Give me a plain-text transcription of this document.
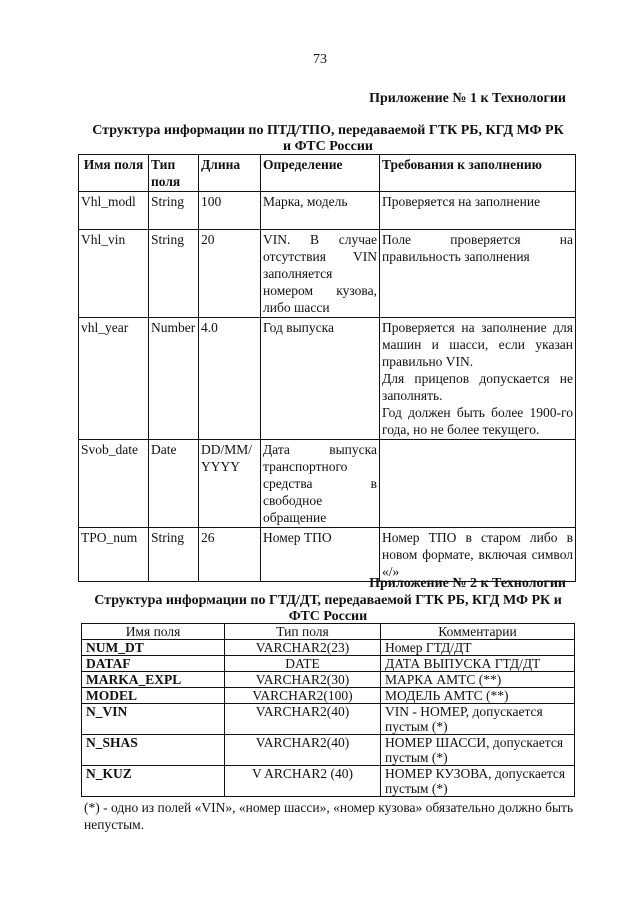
73
Приложение № 1 к Технологии
Структура информации по ПТД/ТПО, передаваемой ГТК РБ, КГД МФ РК
и ФТС России
Имя поля	Тип поля	Длина	Определение	Требования к заполнению
Vhl_modl	String	100	Марка, модель	Проверяется на заполнение
Vhl_vin	String	20	VIN. В случае отсутствия VIN заполняется номером кузова, либо шасси	Поле проверяется на правильность заполнения
vhl_year	Number	4.0	Год выпуска	Проверяется на заполнение для машин и шасси, если указан правильно VIN.
Для прицепов допускается не заполнять.
Год должен быть более 1900-го года, но не более текущего.
Svob_date	Date	DD/MM/YYYY	Дата выпуска транспортного средства в свободное обращение	
TPO_num	String	26	Номер ТПО	Номер ТПО в старом либо в новом формате, включая символ «/»
Приложение № 2 к Технологии
Структура информации по ГТД/ДТ, передаваемой ГТК РБ, КГД МФ РК и
ФТС России
Имя поля	Тип поля	Комментарии
NUM_DT	VARCHAR2(23)	Номер ГТД/ДТ
DATAF	DATE	ДАТА ВЫПУСКА ГТД/ДТ
MARKA_EXPL	VARCHAR2(30)	МАРКА АМТС (**)
MODEL	VARCHAR2(100)	МОДЕЛЬ АМТС (**)
N_VIN	VARCHAR2(40)	VIN - НОМЕР, допускается пустым (*)
N_SHAS	VARCHAR2(40)	НОМЕР ШАССИ, допускается пустым (*)
N_KUZ	V ARCHAR2 (40)	НОМЕР КУЗОВА, допускается пустым (*)
(*) - одно из полей «VIN», «номер шасси», «номер кузова» обязательно должно быть непустым.
